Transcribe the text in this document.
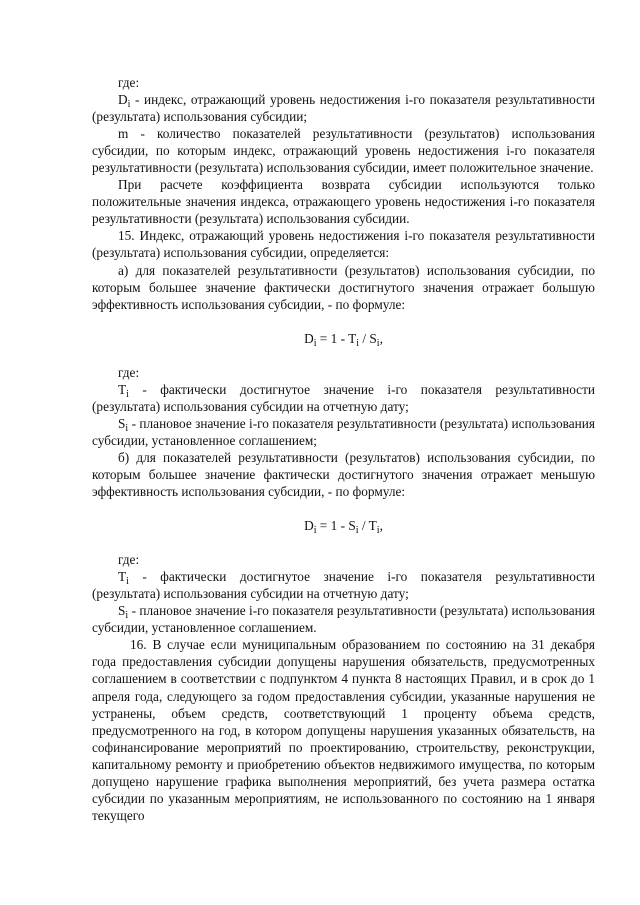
где:

$D_i$ - индекс, отражающий уровень недостижения i-го показателя результативности (результата) использования субсидии;

m - количество показателей результативности (результатов) использования субсидии, по которым индекс, отражающий уровень недостижения i-го показателя результативности (результата) использования субсидии, имеет положительное значение.

При расчете коэффициента возврата субсидии используются только положительные значения индекса, отражающего уровень недостижения i-го показателя результативности (результата) использования субсидии.

15. Индекс, отражающий уровень недостижения i-го показателя результативности (результата) использования субсидии, определяется:

а) для показателей результативности (результатов) использования субсидии, по которым большее значение фактически достигнутого значения отражает большую эффективность использования субсидии, - по формуле:

$D_i = 1 - T_i / S_i$,

где:

$T_i$ - фактически достигнутое значение i-го показателя результативности (результата) использования субсидии на отчетную дату;

$S_i$ - плановое значение i-го показателя результативности (результата) использования субсидии, установленное соглашением;

б) для показателей результативности (результатов) использования субсидии, по которым большее значение фактически достигнутого значения отражает меньшую эффективность использования субсидии, - по формуле:

$D_i = 1 - S_i / T_i$,

где:

$T_i$ - фактически достигнутое значение i-го показателя результативности (результата) использования субсидии на отчетную дату;

$S_i$ - плановое значение i-го показателя результативности (результата) использования субсидии, установленное соглашением.

16. В случае если муниципальным образованием по состоянию на 31 декабря года предоставления субсидии допущены нарушения обязательств, предусмотренных соглашением в соответствии с подпунктом 4 пункта 8 настоящих Правил, и в срок до 1 апреля года, следующего за годом предоставления субсидии, указанные нарушения не устранены, объем средств, соответствующий 1 проценту объема средств, предусмотренного на год, в котором допущены нарушения указанных обязательств, на софинансирование мероприятий по проектированию, строительству, реконструкции, капитальному ремонту и приобретению объектов недвижимого имущества, по которым допущено нарушение графика выполнения мероприятий, без учета размера остатка субсидии по указанным мероприятиям, не использованного по состоянию на 1 января текущего
